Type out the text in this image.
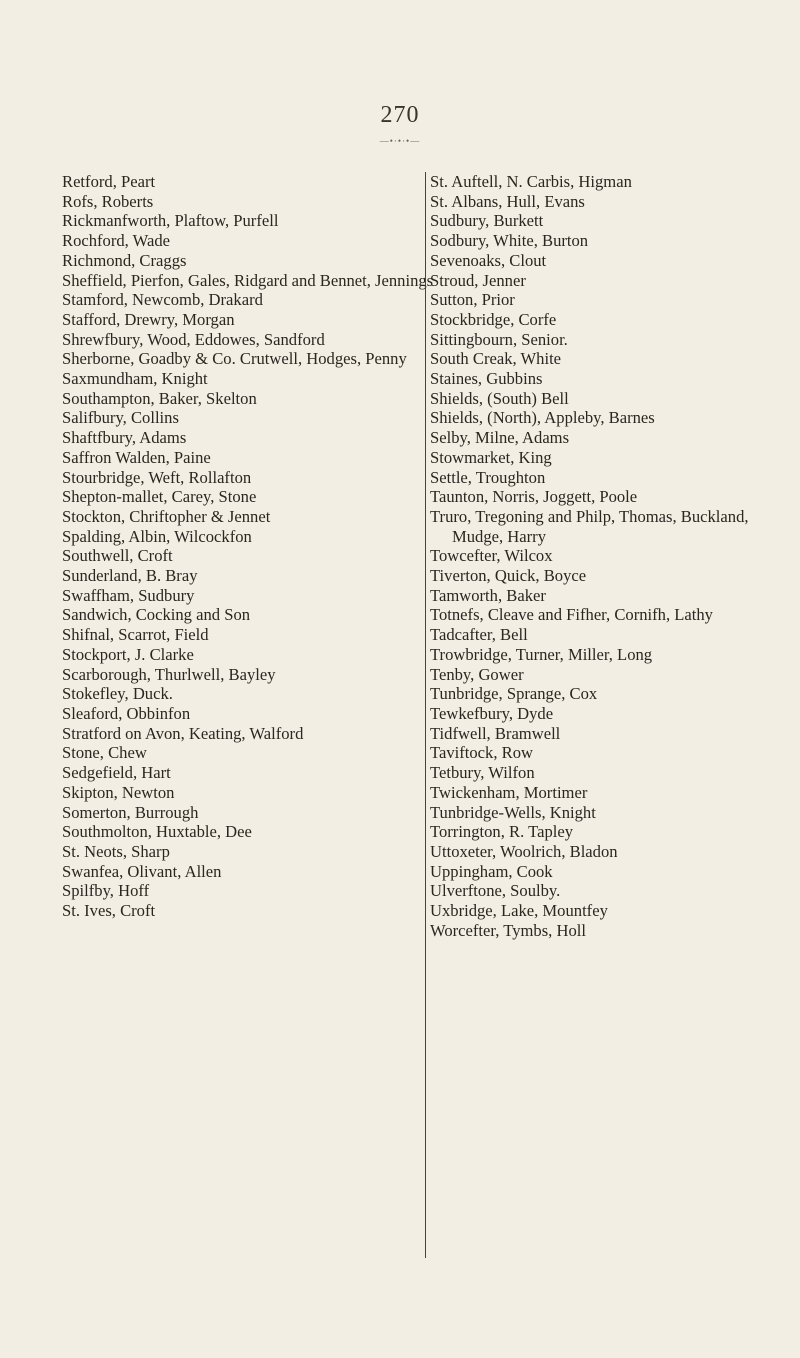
270
—•·•·•—
Retford, Peart
Rofs, Roberts
Rickmanfworth, Plaftow, Purfell
Rochford, Wade
Richmond, Craggs
Sheffield, Pierfon, Gales, Ridgard and Bennet, Jennings
Stamford, Newcomb, Drakard
Stafford, Drewry, Morgan
Shrewfbury, Wood, Eddowes, Sandford
Sherborne, Goadby & Co. Crutwell, Hodges, Penny
Saxmundham, Knight
Southampton, Baker, Skelton
Salifbury, Collins
Shaftfbury, Adams
Saffron Walden, Paine
Stourbridge, Weft, Rollafton
Shepton-mallet, Carey, Stone
Stockton, Chriftopher & Jennet
Spalding, Albin, Wilcockfon
Southwell, Croft
Sunderland, B. Bray
Swaffham, Sudbury
Sandwich, Cocking and Son
Shifnal, Scarrot, Field
Stockport, J. Clarke
Scarborough, Thurlwell, Bayley
Stokefley, Duck.
Sleaford, Obbinfon
Stratford on Avon, Keating, Walford
Stone, Chew
Sedgefield, Hart
Skipton, Newton
Somerton, Burrough
Southmolton, Huxtable, Dee
St. Neots, Sharp
Swanfea, Olivant, Allen
Spilfby, Hoff
St. Ives, Croft
St. Auftell, N. Carbis, Higman
St. Albans, Hull, Evans
Sudbury, Burkett
Sodbury, White, Burton
Sevenoaks, Clout
Stroud, Jenner
Sutton, Prior
Stockbridge, Corfe
Sittingbourn, Senior.
South Creak, White
Staines, Gubbins
Shields, (South) Bell
Shields, (North), Appleby, Barnes
Selby, Milne, Adams
Stowmarket, King
Settle, Troughton
Taunton, Norris, Joggett, Poole
Truro, Tregoning and Philp, Thomas, Buckland, Mudge, Harry
Towcefter, Wilcox
Tiverton, Quick, Boyce
Tamworth, Baker
Totnefs, Cleave and Fifher, Cornifh, Lathy
Tadcafter, Bell
Trowbridge, Turner, Miller, Long
Tenby, Gower
Tunbridge, Sprange, Cox
Tewkefbury, Dyde
Tidfwell, Bramwell
Taviftock, Row
Tetbury, Wilfon
Twickenham, Mortimer
Tunbridge-Wells, Knight
Torrington, R. Tapley
Uttoxeter, Woolrich, Bladon
Uppingham, Cook
Ulverftone, Soulby.
Uxbridge, Lake, Mountfey
Worcefter, Tymbs, Holl
